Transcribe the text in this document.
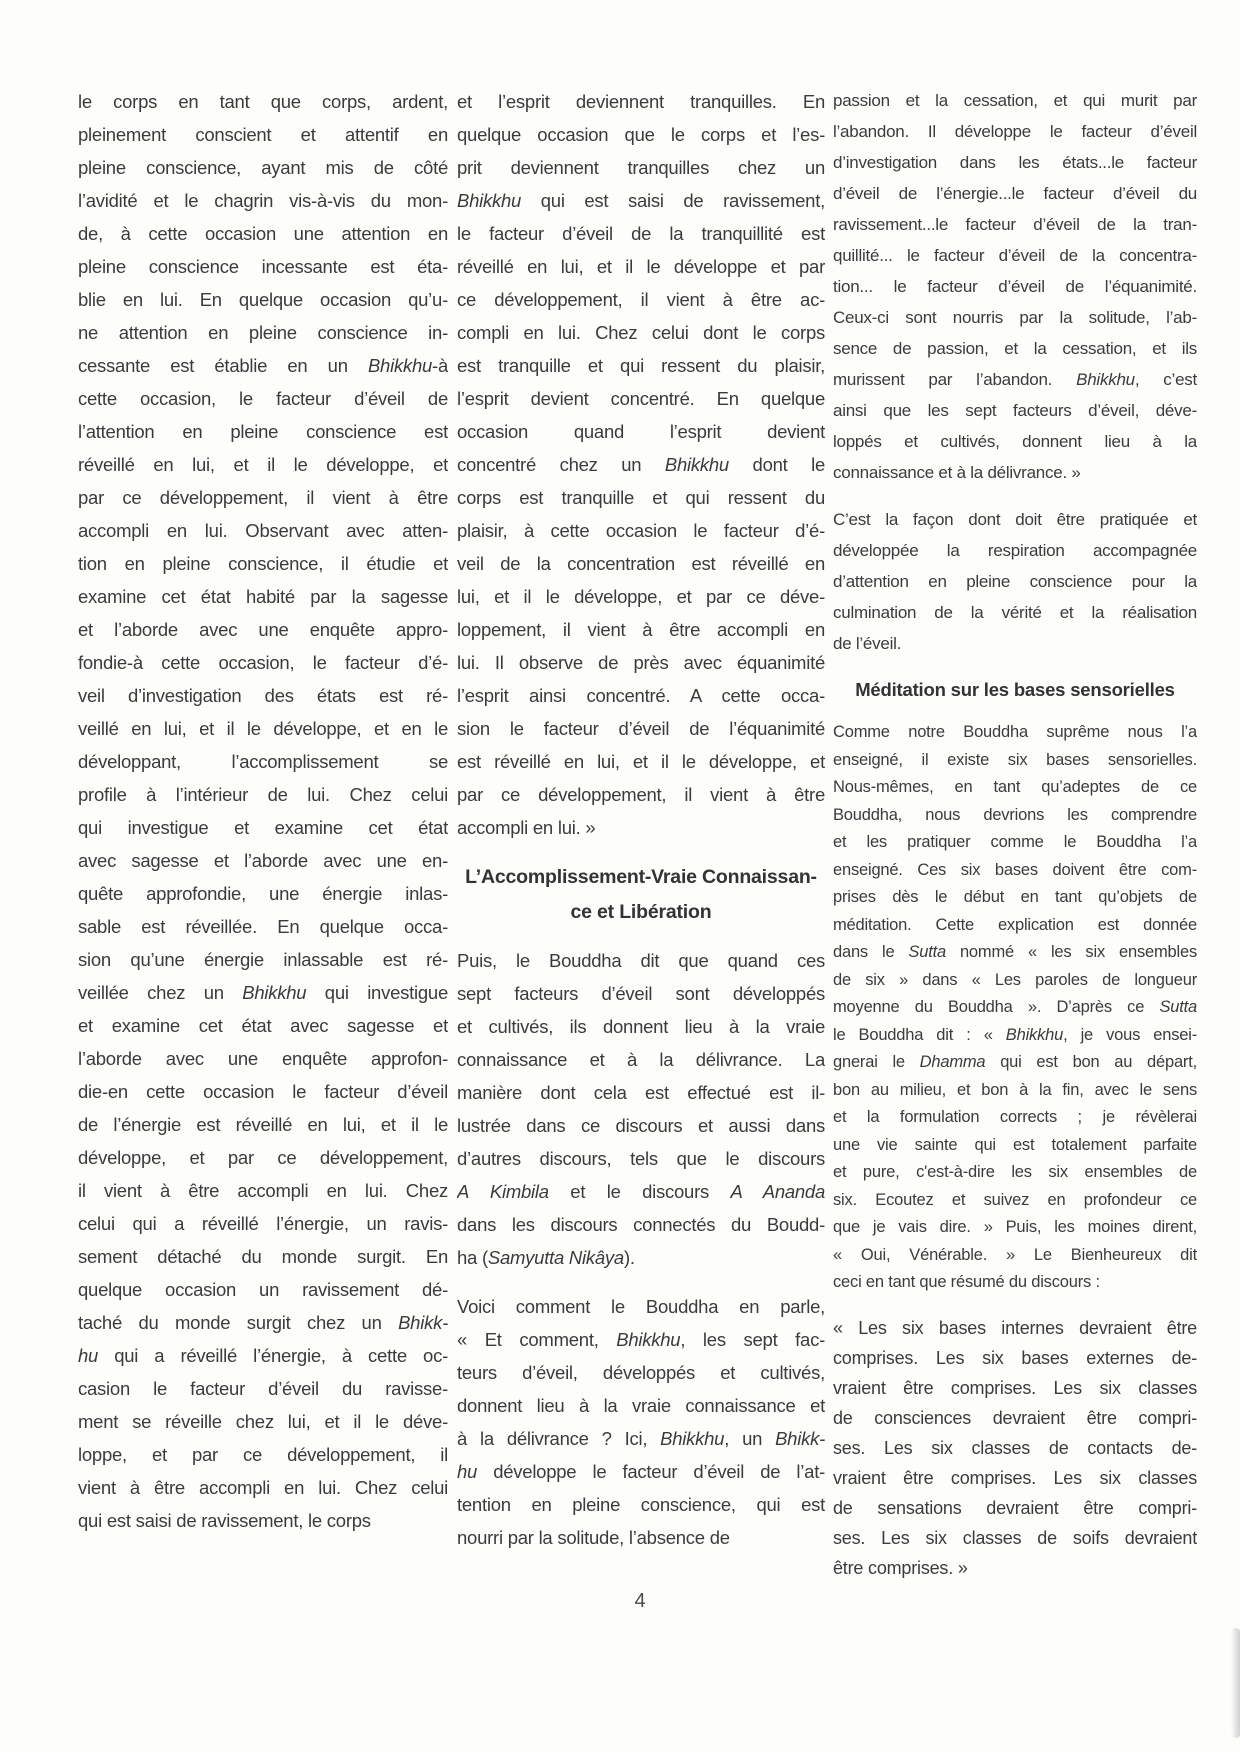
le corps en tant que corps, ardent,
pleinement conscient et attentif en
pleine conscience, ayant mis de côté
l’avidité et le chagrin vis-à-vis du mon-
de, à cette occasion une attention en
pleine conscience incessante est éta-
blie en lui. En quelque occasion qu’u-
ne attention en pleine conscience in-
cessante est établie en un Bhikkhu-à
cette occasion, le facteur d’éveil de
l’attention en pleine conscience est
réveillé en lui, et il le développe, et
par ce développement, il vient à être
accompli en lui. Observant avec atten-
tion en pleine conscience, il étudie et
examine cet état habité par la sagesse
et l’aborde avec une enquête appro-
fondie-à cette occasion, le facteur d’é-
veil d’investigation des états est ré-
veillé en lui, et il le développe, et en le
développant, l’accomplissement se
profile à l’intérieur de lui. Chez celui
qui investigue et examine cet état
avec sagesse et l’aborde avec une en-
quête approfondie, une énergie inlas-
sable est réveillée. En quelque occa-
sion qu’une énergie inlassable est ré-
veillée chez un Bhikkhu qui investigue
et examine cet état avec sagesse et
l’aborde avec une enquête approfon-
die-en cette occasion le facteur d’éveil
de l’énergie est réveillé en lui, et il le
développe, et par ce développement,
il vient à être accompli en lui. Chez
celui qui a réveillé l’énergie, un ravis-
sement détaché du monde surgit. En
quelque occasion un ravissement dé-
taché du monde surgit chez un Bhikk-
hu qui a réveillé l’énergie, à cette oc-
casion le facteur d’éveil du ravisse-
ment se réveille chez lui, et il le déve-
loppe, et par ce développement, il
vient à être accompli en lui. Chez celui
qui est saisi de ravissement, le corps
et l’esprit deviennent tranquilles. En
quelque occasion que le corps et l’es-
prit deviennent tranquilles chez un
Bhikkhu qui est saisi de ravissement,
le facteur d’éveil de la tranquillité est
réveillé en lui, et il le développe et par
ce développement, il vient à être ac-
compli en lui. Chez celui dont le corps
est tranquille et qui ressent du plaisir,
l’esprit devient concentré. En quelque
occasion quand l’esprit devient
concentré chez un Bhikkhu dont le
corps est tranquille et qui ressent du
plaisir, à cette occasion le facteur d’é-
veil de la concentration est réveillé en
lui, et il le développe, et par ce déve-
loppement, il vient à être accompli en
lui. Il observe de près avec équanimité
l’esprit ainsi concentré. A cette occa-
sion le facteur d’éveil de l’équanimité
est réveillé en lui, et il le développe, et
par ce développement, il vient à être
accompli en lui. »
L’Accomplissement-Vraie Connaissan-
ce et Libération
Puis, le Bouddha dit que quand ces
sept facteurs d’éveil sont développés
et cultivés, ils donnent lieu à la vraie
connaissance et à la délivrance. La
manière dont cela est effectué est il-
lustrée dans ce discours et aussi dans
d’autres discours, tels que le discours
A Kimbila et le discours A Ananda
dans les discours connectés du Boudd-
ha (Samyutta Nikâya).
Voici comment le Bouddha en parle,
« Et comment, Bhikkhu, les sept fac-
teurs d’éveil, développés et cultivés,
donnent lieu à la vraie connaissance et
à la délivrance ? Ici, Bhikkhu, un Bhikk-
hu développe le facteur d’éveil de l’at-
tention en pleine conscience, qui est
nourri par la solitude, l’absence de
passion et la cessation, et qui murit par
l’abandon. Il développe le facteur d’éveil
d’investigation dans les états...le facteur
d’éveil de l’énergie...le facteur d’éveil du
ravissement...le facteur d’éveil de la tran-
quillité... le facteur d’éveil de la concentra-
tion... le facteur d’éveil de l’équanimité.
Ceux-ci sont nourris par la solitude, l’ab-
sence de passion, et la cessation, et ils
murissent par l’abandon. Bhikkhu, c’est
ainsi que les sept facteurs d’éveil, déve-
loppés et cultivés, donnent lieu à la
connaissance et à la délivrance. »
C’est la façon dont doit être pratiquée et
développée la respiration accompagnée
d’attention en pleine conscience pour la
culmination de la vérité et la réalisation
de l’éveil.
Méditation sur les bases sensorielles
Comme notre Bouddha suprême nous l’a
enseigné, il existe six bases sensorielles.
Nous-mêmes, en tant qu’adeptes de ce
Bouddha, nous devrions les comprendre
et les pratiquer comme le Bouddha l’a
enseigné. Ces six bases doivent être com-
prises dès le début en tant qu’objets de
méditation. Cette explication est donnée
dans le Sutta nommé « les six ensembles
de six » dans « Les paroles de longueur
moyenne du Bouddha ». D’après ce Sutta
le Bouddha dit : « Bhikkhu, je vous ensei-
gnerai le Dhamma qui est bon au départ,
bon au milieu, et bon à la fin, avec le sens
et la formulation corrects ; je révèlerai
une vie sainte qui est totalement parfaite
et pure, c'est-à-dire les six ensembles de
six. Ecoutez et suivez en profondeur ce
que je vais dire. » Puis, les moines dirent,
« Oui, Vénérable. » Le Bienheureux dit
ceci en tant que résumé du discours :
« Les six bases internes devraient être
comprises. Les six bases externes de-
vraient être comprises. Les six classes
de consciences devraient être compri-
ses. Les six classes de contacts de-
vraient être comprises. Les six classes
de sensations devraient être compri-
ses. Les six classes de soifs devraient
être comprises. »
4
